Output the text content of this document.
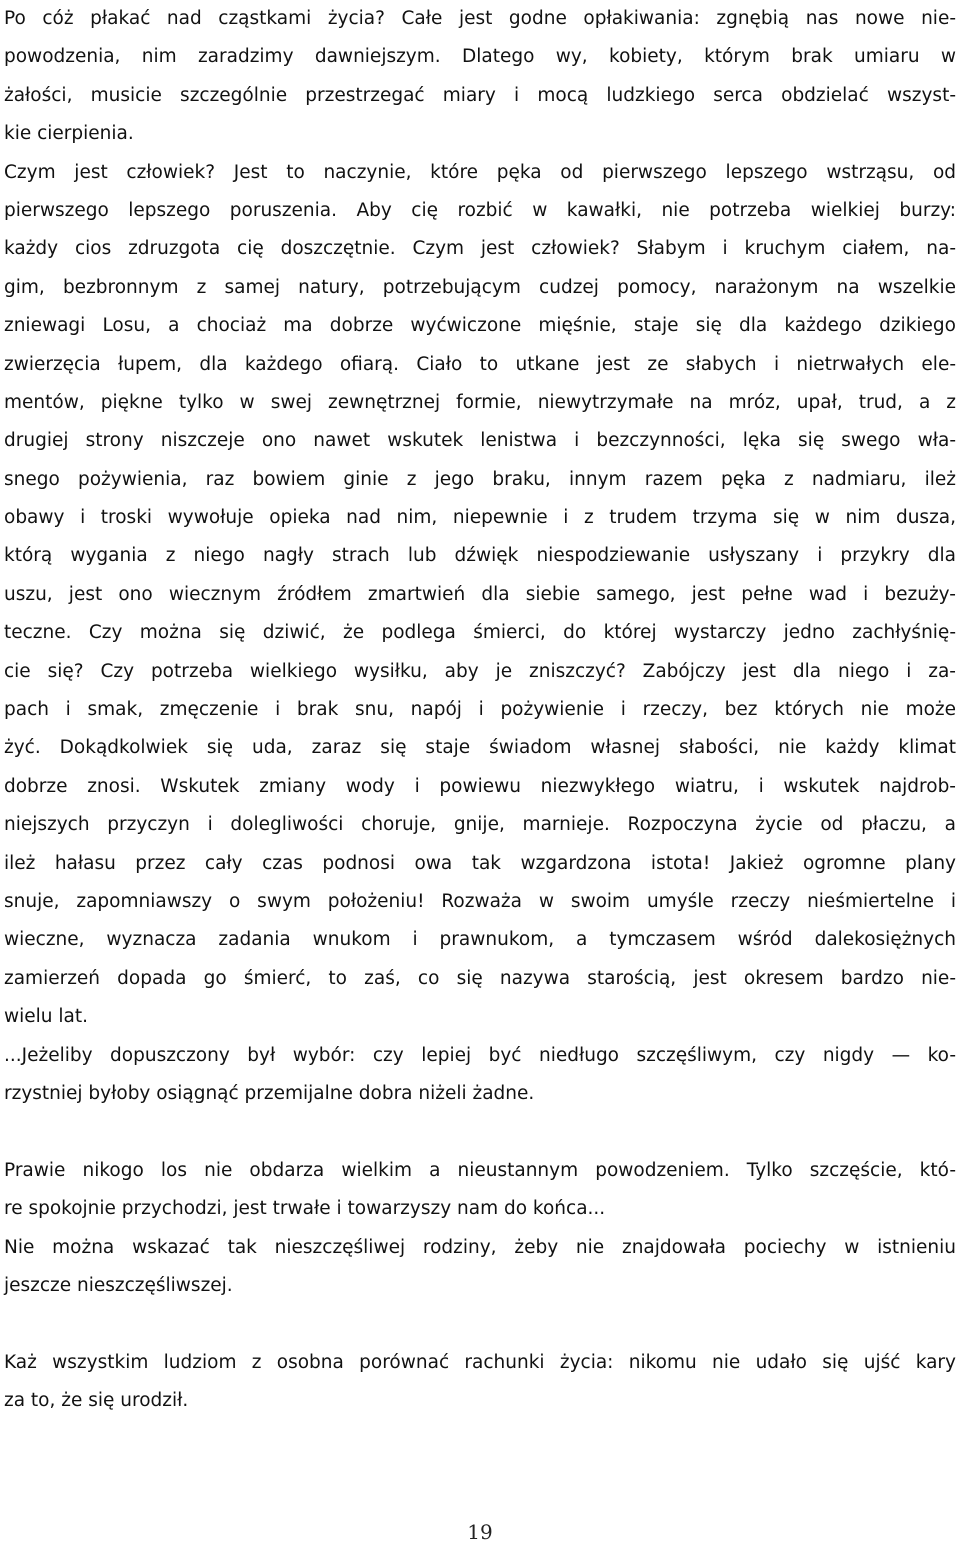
Po cóż płakać nad cząstkami życia? Całe jest godne opłakiwania: zgnębią nas nowe nie-
powodzenia, nim zaradzimy dawniejszym. Dlatego wy, kobiety, którym brak umiaru w
żałości, musicie szczególnie przestrzegać miary i mocą ludzkiego serca obdzielać wszyst-
kie cierpienia.
Czym jest człowiek? Jest to naczynie, które pęka od pierwszego lepszego wstrząsu, od
pierwszego lepszego poruszenia. Aby cię rozbić w kawałki, nie potrzeba wielkiej burzy:
każdy cios zdruzgota cię doszczętnie. Czym jest człowiek? Słabym i kruchym ciałem, na-
gim, bezbronnym z samej natury, potrzebującym cudzej pomocy, narażonym na wszelkie
zniewagi Losu, a chociaż ma dobrze wyćwiczone mięśnie, staje się dla każdego dzikiego
zwierzęcia łupem, dla każdego ofiarą. Ciało to utkane jest ze słabych i nietrwałych ele-
mentów, piękne tylko w swej zewnętrznej formie, niewytrzymałe na mróz, upał, trud, a z
drugiej strony niszczeje ono nawet wskutek lenistwa i bezczynności, lęka się swego wła-
snego pożywienia, raz bowiem ginie z jego braku, innym razem pęka z nadmiaru, ileż
obawy i troski wywołuje opieka nad nim, niepewnie i z trudem trzyma się w nim dusza,
którą wygania z niego nagły strach lub dźwięk niespodziewanie usłyszany i przykry dla
uszu, jest ono wiecznym źródłem zmartwień dla siebie samego, jest pełne wad i bezuży-
teczne. Czy można się dziwić, że podlega śmierci, do której wystarczy jedno zachłyśnię-
cie się? Czy potrzeba wielkiego wysiłku, aby je zniszczyć? Zabójczy jest dla niego i za-
pach i smak, zmęczenie i brak snu, napój i pożywienie i rzeczy, bez których nie może
żyć. Dokądkolwiek się uda, zaraz się staje świadom własnej słabości, nie każdy klimat
dobrze znosi. Wskutek zmiany wody i powiewu niezwykłego wiatru, i wskutek najdrob-
niejszych przyczyn i dolegliwości choruje, gnije, marnieje. Rozpoczyna życie od płaczu, a
ileż hałasu przez cały czas podnosi owa tak wzgardzona istota! Jakież ogromne plany
snuje, zapomniawszy o swym położeniu! Rozważa w swoim umyśle rzeczy nieśmiertelne i
wieczne, wyznacza zadania wnukom i prawnukom, a tymczasem wśród dalekosiężnych
zamierzeń dopada go śmierć, to zaś, co się nazywa starością, jest okresem bardzo nie-
wielu lat.
...Jeżeliby dopuszczony był wybór: czy lepiej być niedługo szczęśliwym, czy nigdy — ko-
rzystniej byłoby osiągnąć przemijalne dobra niżeli żadne.
Prawie nikogo los nie obdarza wielkim a nieustannym powodzeniem. Tylko szczęście, któ-
re spokojnie przychodzi, jest trwałe i towarzyszy nam do końca...
Nie można wskazać tak nieszczęśliwej rodziny, żeby nie znajdowała pociechy w istnieniu
jeszcze nieszczęśliwszej.
Każ wszystkim ludziom z osobna porównać rachunki życia: nikomu nie udało się ujść kary
za to, że się urodził.
19
